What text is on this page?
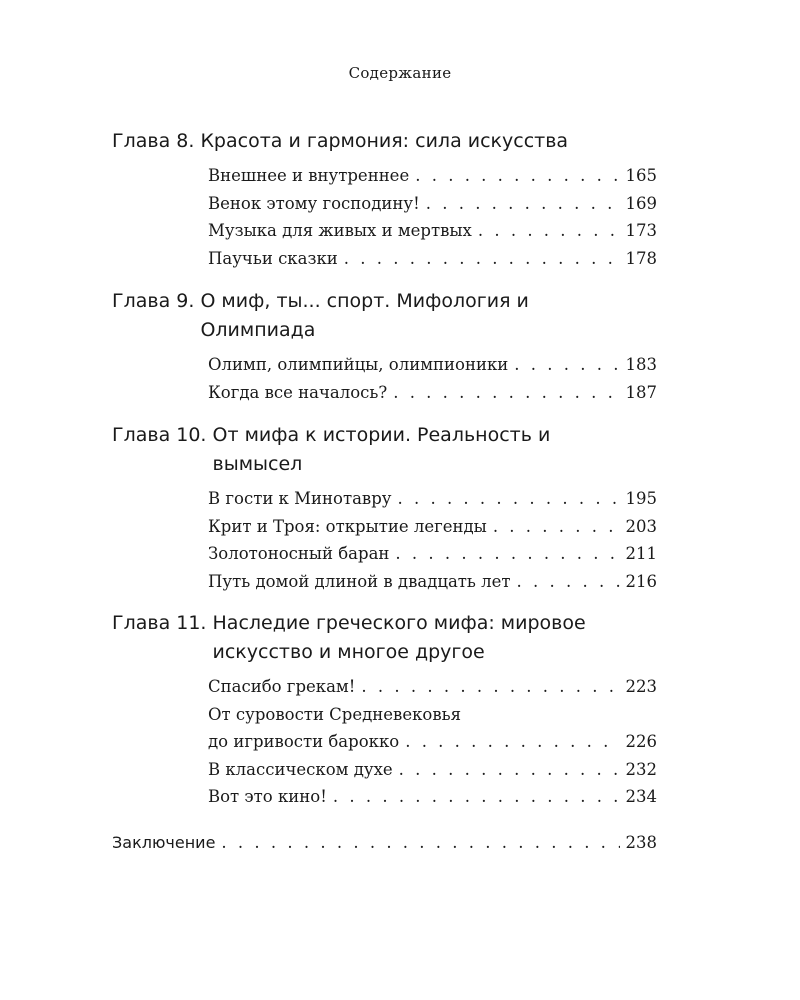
Содержание
Глава 8. Красота и гармония: сила искусства
Внешнее и внутреннее . . .	165
Венок этому господину! . . .	169
Музыка для живых и мертвых . . .	173
Паучьи сказки . . .	178
Глава 9. О миф, ты... спорт. Мифология и Олимпиада
Олимп, олимпийцы, олимпионики . . .	183
Когда все началось? . . .	187
Глава 10. От мифа к истории. Реальность и вымысел
В гости к Минотавру . . .	195
Крит и Троя: открытие легенды . . .	203
Золотоносный баран . . .	211
Путь домой длиной в двадцать лет . . .	216
Глава 11. Наследие греческого мифа: мировое искусство и многое другое
Спасибо грекам! . . .	223
От суровости Средневековья
до игривости барокко . . .	226
В классическом духе . . .	232
Вот это кино! . . .	234
Заключение . . .	238
